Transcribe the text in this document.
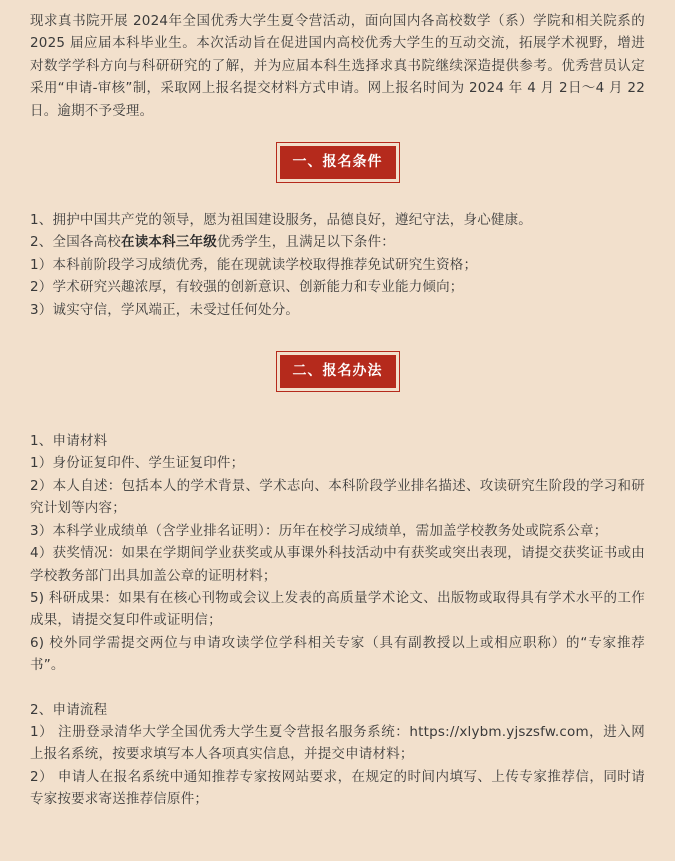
现求真书院开展 2024年全国优秀大学生夏令营活动，面向国内各高校数学（系）学院和相关院系的 2025 届应届本科毕业生。本次活动旨在促进国内高校优秀大学生的互动交流，拓展学术视野，增进对数学学科方向与科研研究的了解，并为应届本科生选择求真书院继续深造提供参考。优秀营员认定采用“申请-审核”制，采取网上报名提交材料方式申请。网上报名时间为 2024 年 4 月 2日～4 月 22日。逾期不予受理。

一、报名条件
1、拥护中国共产党的领导，愿为祖国建设服务，品德良好，遵纪守法，身心健康。
2、全国各高校在读本科三年级优秀学生，且满足以下条件：
1）本科前阶段学习成绩优秀，能在现就读学校取得推荐免试研究生资格；
2）学术研究兴趣浓厚，有较强的创新意识、创新能力和专业能力倾向；
3）诚实守信，学风端正，未受过任何处分。
二、报名办法
1、申请材料
1）身份证复印件、学生证复印件；
2）本人自述：包括本人的学术背景、学术志向、本科阶段学业排名描述、攻读研究生阶段的学习和研究计划等内容；
3）本科学业成绩单（含学业排名证明）：历年在校学习成绩单，需加盖学校教务处或院系公章；
4）获奖情况：如果在学期间学业获奖或从事课外科技活动中有获奖或突出表现，请提交获奖证书或由学校教务部门出具加盖公章的证明材料；
5) 科研成果：如果有在核心刊物或会议上发表的高质量学术论文、出版物或取得具有学术水平的工作成果，请提交复印件或证明信；
6) 校外同学需提交两位与申请攻读学位学科相关专家（具有副教授以上或相应职称）的“专家推荐书”。
2、申请流程
1） 注册登录清华大学全国优秀大学生夏令营报名服务系统：https://xlybm.yjszsfw.com，进入网上报名系统，按要求填写本人各项真实信息，并提交申请材料；
2） 申请人在报名系统中通知推荐专家按网站要求，在规定的时间内填写、上传专家推荐信，同时请专家按要求寄送推荐信原件；
